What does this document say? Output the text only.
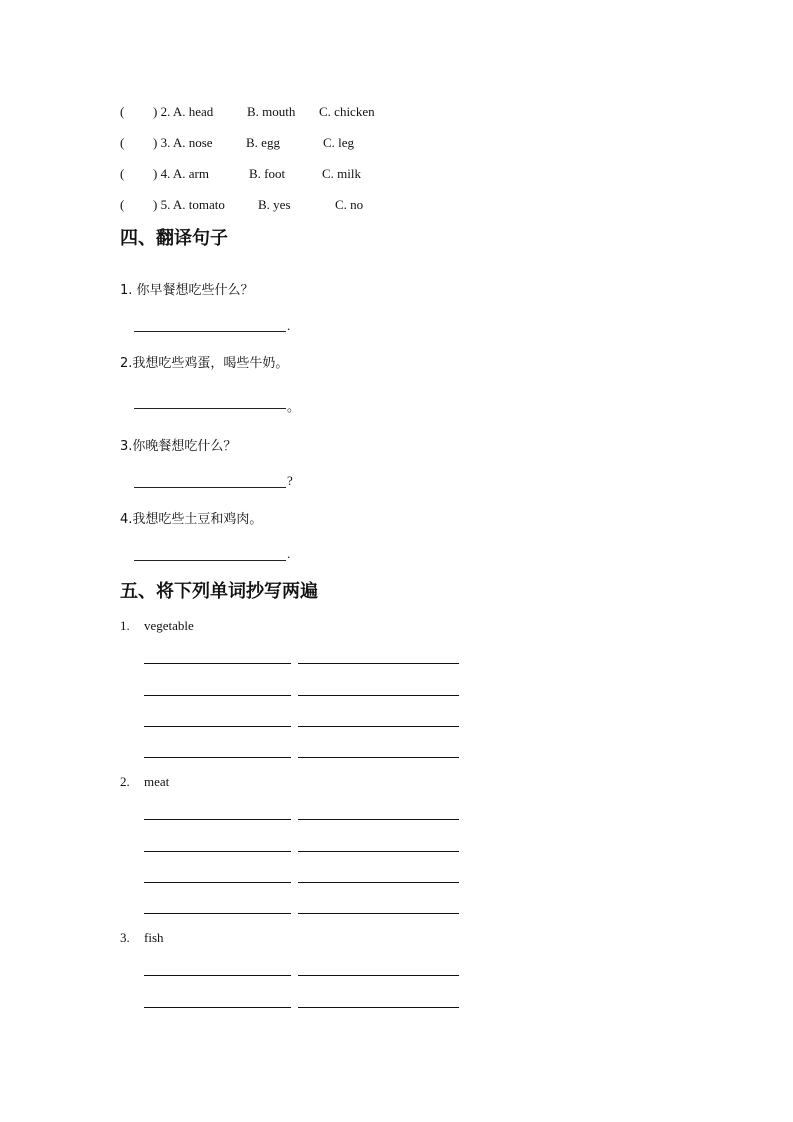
( ) 2. A. head	B. mouth C. chicken
( ) 3. A. nose	B. egg	C. leg
( ) 4. A. arm	B. foot	C. milk
( ) 5. A. tomato	B. yes	C. no
四、翻译句子
1. 你早餐想吃些什么？
.
2.我想吃些鸡蛋，喝些牛奶。
。
3.你晚餐想吃什么？
?
4.我想吃些土豆和鸡肉。
.
五、将下列单词抄写两遍
1. vegetable
2. meat
3. fish
